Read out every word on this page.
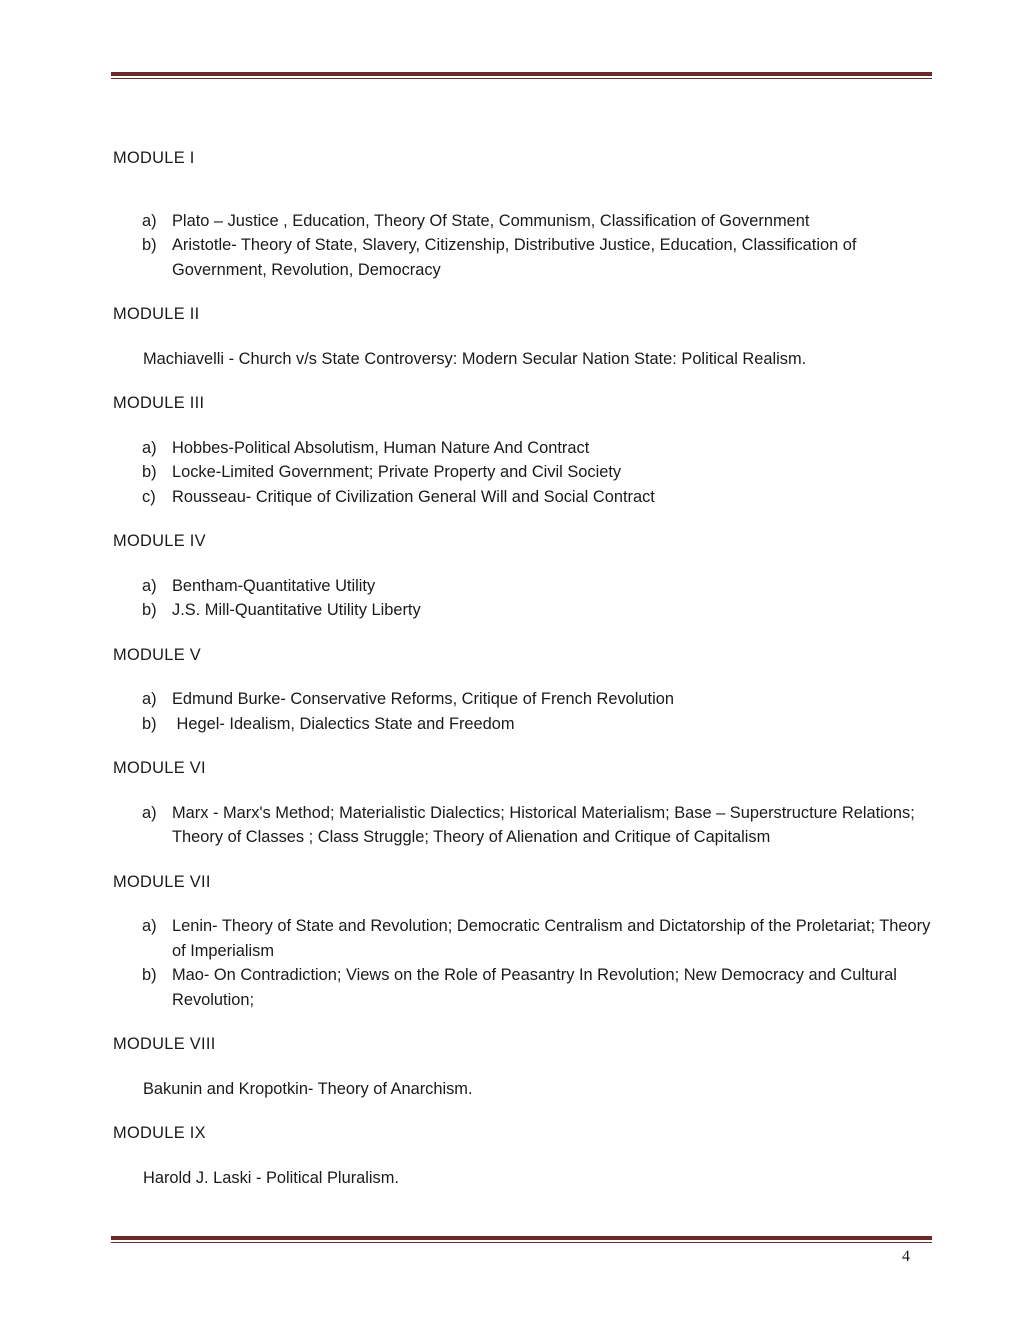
MODULE I
a) Plato – Justice , Education, Theory Of State, Communism, Classification of Government
b) Aristotle- Theory of State, Slavery, Citizenship, Distributive Justice, Education, Classification of Government, Revolution, Democracy
MODULE II

Machiavelli - Church v/s State Controversy: Modern Secular Nation State: Political Realism.

MODULE III
a) Hobbes-Political Absolutism, Human Nature And Contract
b) Locke-Limited Government; Private Property and Civil Society
c) Rousseau- Critique of Civilization General Will and Social Contract
MODULE IV
a) Bentham-Quantitative Utility
b) J.S. Mill-Quantitative Utility Liberty
MODULE V
a) Edmund Burke- Conservative Reforms, Critique of French Revolution
b) Hegel- Idealism, Dialectics State and Freedom
MODULE VI
a) Marx - Marx's Method; Materialistic Dialectics; Historical Materialism; Base – Superstructure Relations; Theory of Classes ; Class Struggle; Theory of Alienation and Critique of Capitalism
MODULE VII
a) Lenin- Theory of State and Revolution; Democratic Centralism and Dictatorship of the Proletariat; Theory of Imperialism
b) Mao- On Contradiction; Views on the Role of Peasantry In Revolution; New Democracy and Cultural Revolution;
MODULE VIII

Bakunin and Kropotkin- Theory of Anarchism.

MODULE IX

Harold J. Laski - Political Pluralism.

4
